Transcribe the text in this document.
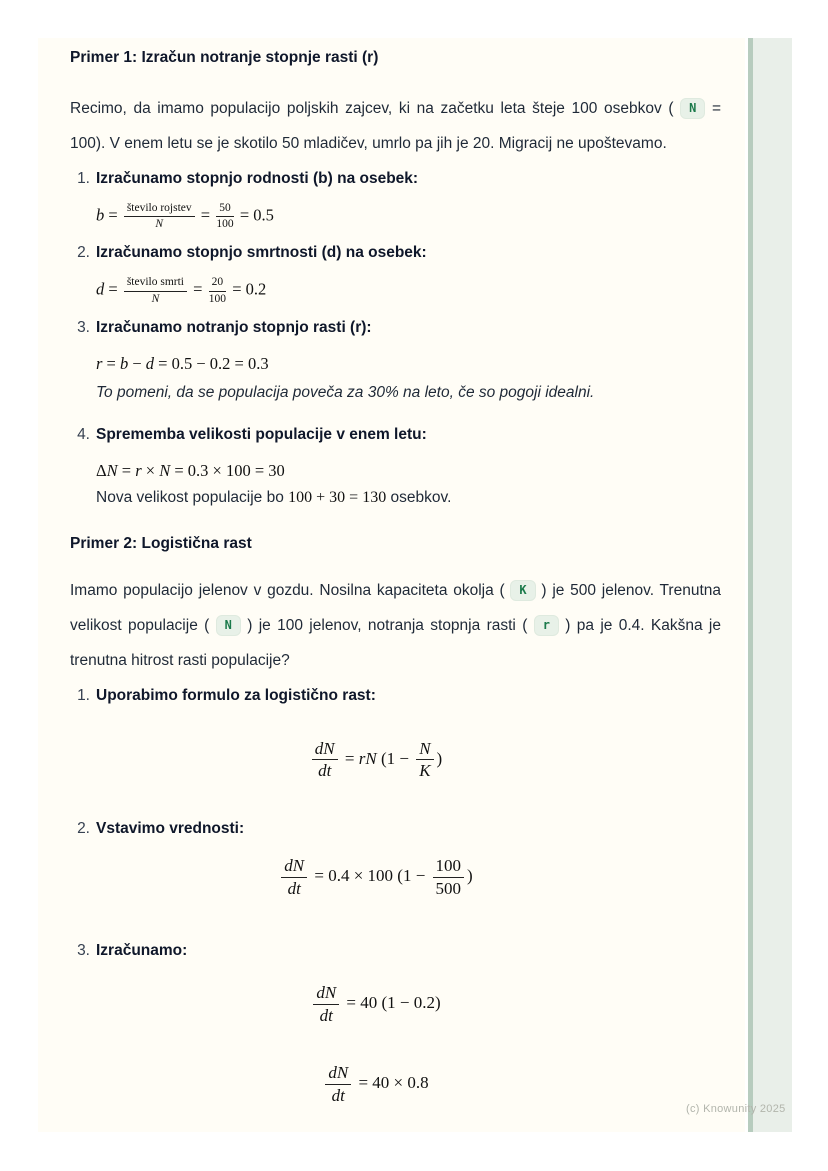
Primer 1: Izračun notranje stopnje rasti (r)

Recimo, da imamo populacijo poljskih zajcev, ki na začetku leta šteje 100 osebkov ( N = 100). V enem letu se je skotilo 50 mladičev, umrlo pa jih je 20. Migracij ne upoštevamo.

1. Izračunamo stopnjo rodnosti (b) na osebek:
$b = \frac{\text{število rojstev}}{N} = \frac{50}{100} = 0.5$
2. Izračunamo stopnjo smrtnosti (d) na osebek:
$d = \frac{\text{število smrti}}{N} = \frac{20}{100} = 0.2$
3. Izračunamo notranjo stopnjo rasti (r):
r = b − d = 0.5 − 0.2 = 0.3
To pomeni, da se populacija poveča za 30% na leto, če so pogoji idealni.
4. Sprememba velikosti populacije v enem letu:
ΔN = r × N = 0.3 × 100 = 30
Nova velikost populacije bo 100 + 30 = 130 osebkov.
Primer 2: Logistična rast

Imamo populacijo jelenov v gozdu. Nosilna kapaciteta okolja ( K ) je 500 jelenov. Trenutna velikost populacije ( N ) je 100 jelenov, notranja stopnja rasti ( r ) pa je 0.4. Kakšna je trenutna hitrost rasti populacije?

1. Uporabimo formulo za logistično rast:
$\frac{dN}{dt}$ = rN ($1 - \frac{N}{K}$ )
2. Vstavimo vrednosti:
$\frac{dN}{dt} = 0.4 \times 100$ ($1 - \frac{100}{500}$ )
3. Izračunamo:
$\frac{dN}{dt} = 40$ (1 − 0.2)
$\frac{dN}{dt} = 40 \times 0.8$
(c) Knowunity 2025
